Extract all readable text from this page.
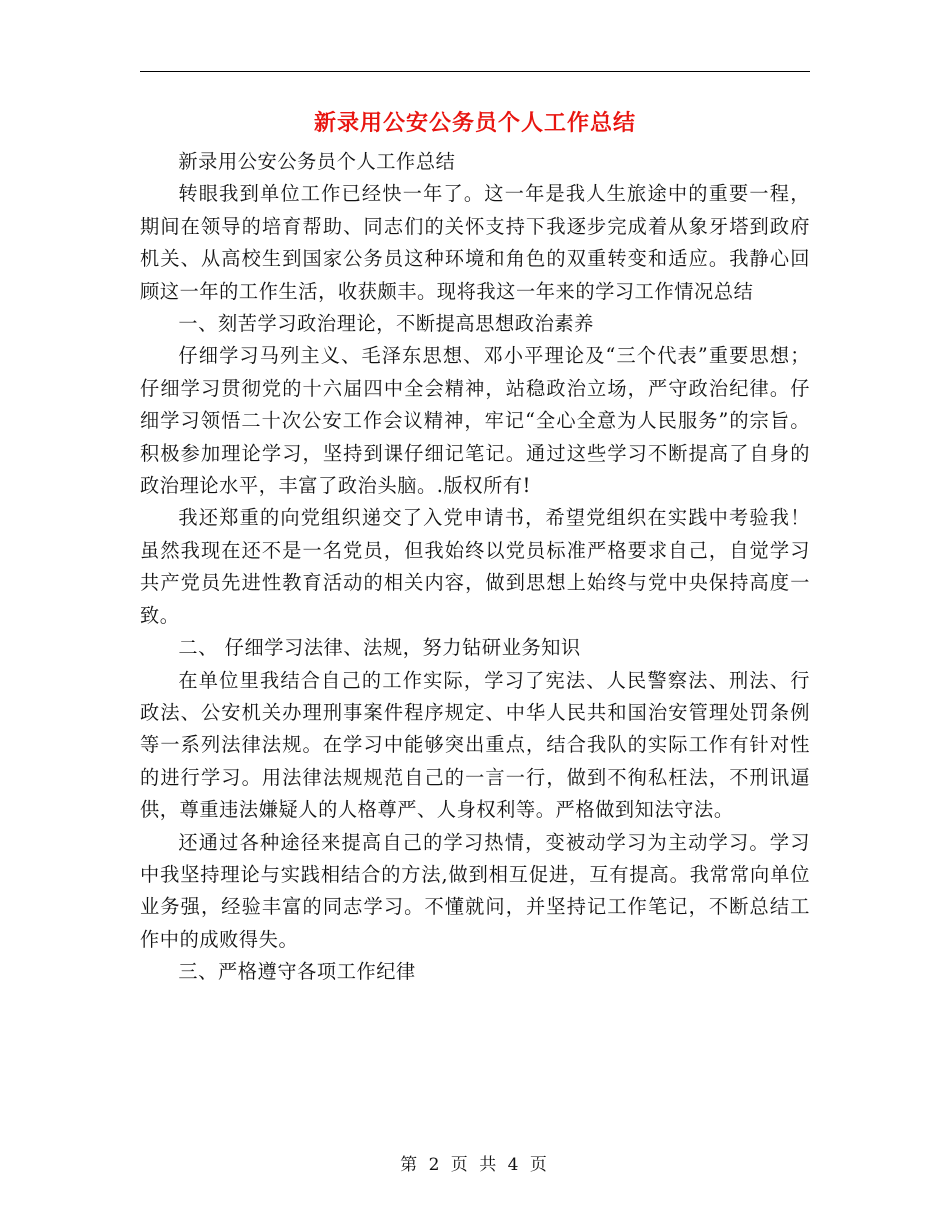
新录用公安公务员个人工作总结

新录用公安公务员个人工作总结

转眼我到单位工作已经快一年了。这一年是我人生旅途中的重要一程，期间在领导的培育帮助、同志们的关怀支持下我逐步完成着从象牙塔到政府机关、从高校生到国家公务员这种环境和角色的双重转变和适应。我静心回顾这一年的工作生活，收获颇丰。现将我这一年来的学习工作情况总结

一、刻苦学习政治理论，不断提高思想政治素养

仔细学习马列主义、毛泽东思想、邓小平理论及“三个代表”重要思想；仔细学习贯彻党的十六届四中全会精神，站稳政治立场，严守政治纪律。仔细学习领悟二十次公安工作会议精神，牢记“全心全意为人民服务”的宗旨。积极参加理论学习，坚持到课仔细记笔记。通过这些学习不断提高了自身的政治理论水平，丰富了政治头脑。.版权所有!

我还郑重的向党组织递交了入党申请书，希望党组织在实践中考验我！虽然我现在还不是一名党员，但我始终以党员标准严格要求自己，自觉学习共产党员先进性教育活动的相关内容，做到思想上始终与党中央保持高度一致。

二、 仔细学习法律、法规，努力钻研业务知识

在单位里我结合自己的工作实际，学习了宪法、人民警察法、刑法、行政法、公安机关办理刑事案件程序规定、中华人民共和国治安管理处罚条例等一系列法律法规。在学习中能够突出重点，结合我队的实际工作有针对性的进行学习。用法律法规规范自己的一言一行，做到不徇私枉法，不刑讯逼供，尊重违法嫌疑人的人格尊严、人身权利等。严格做到知法守法。

还通过各种途径来提高自己的学习热情，变被动学习为主动学习。学习中我坚持理论与实践相结合的方法,做到相互促进，互有提高。我常常向单位业务强，经验丰富的同志学习。不懂就问，并坚持记工作笔记，不断总结工作中的成败得失。

三、严格遵守各项工作纪律

第 2 页 共 4 页
